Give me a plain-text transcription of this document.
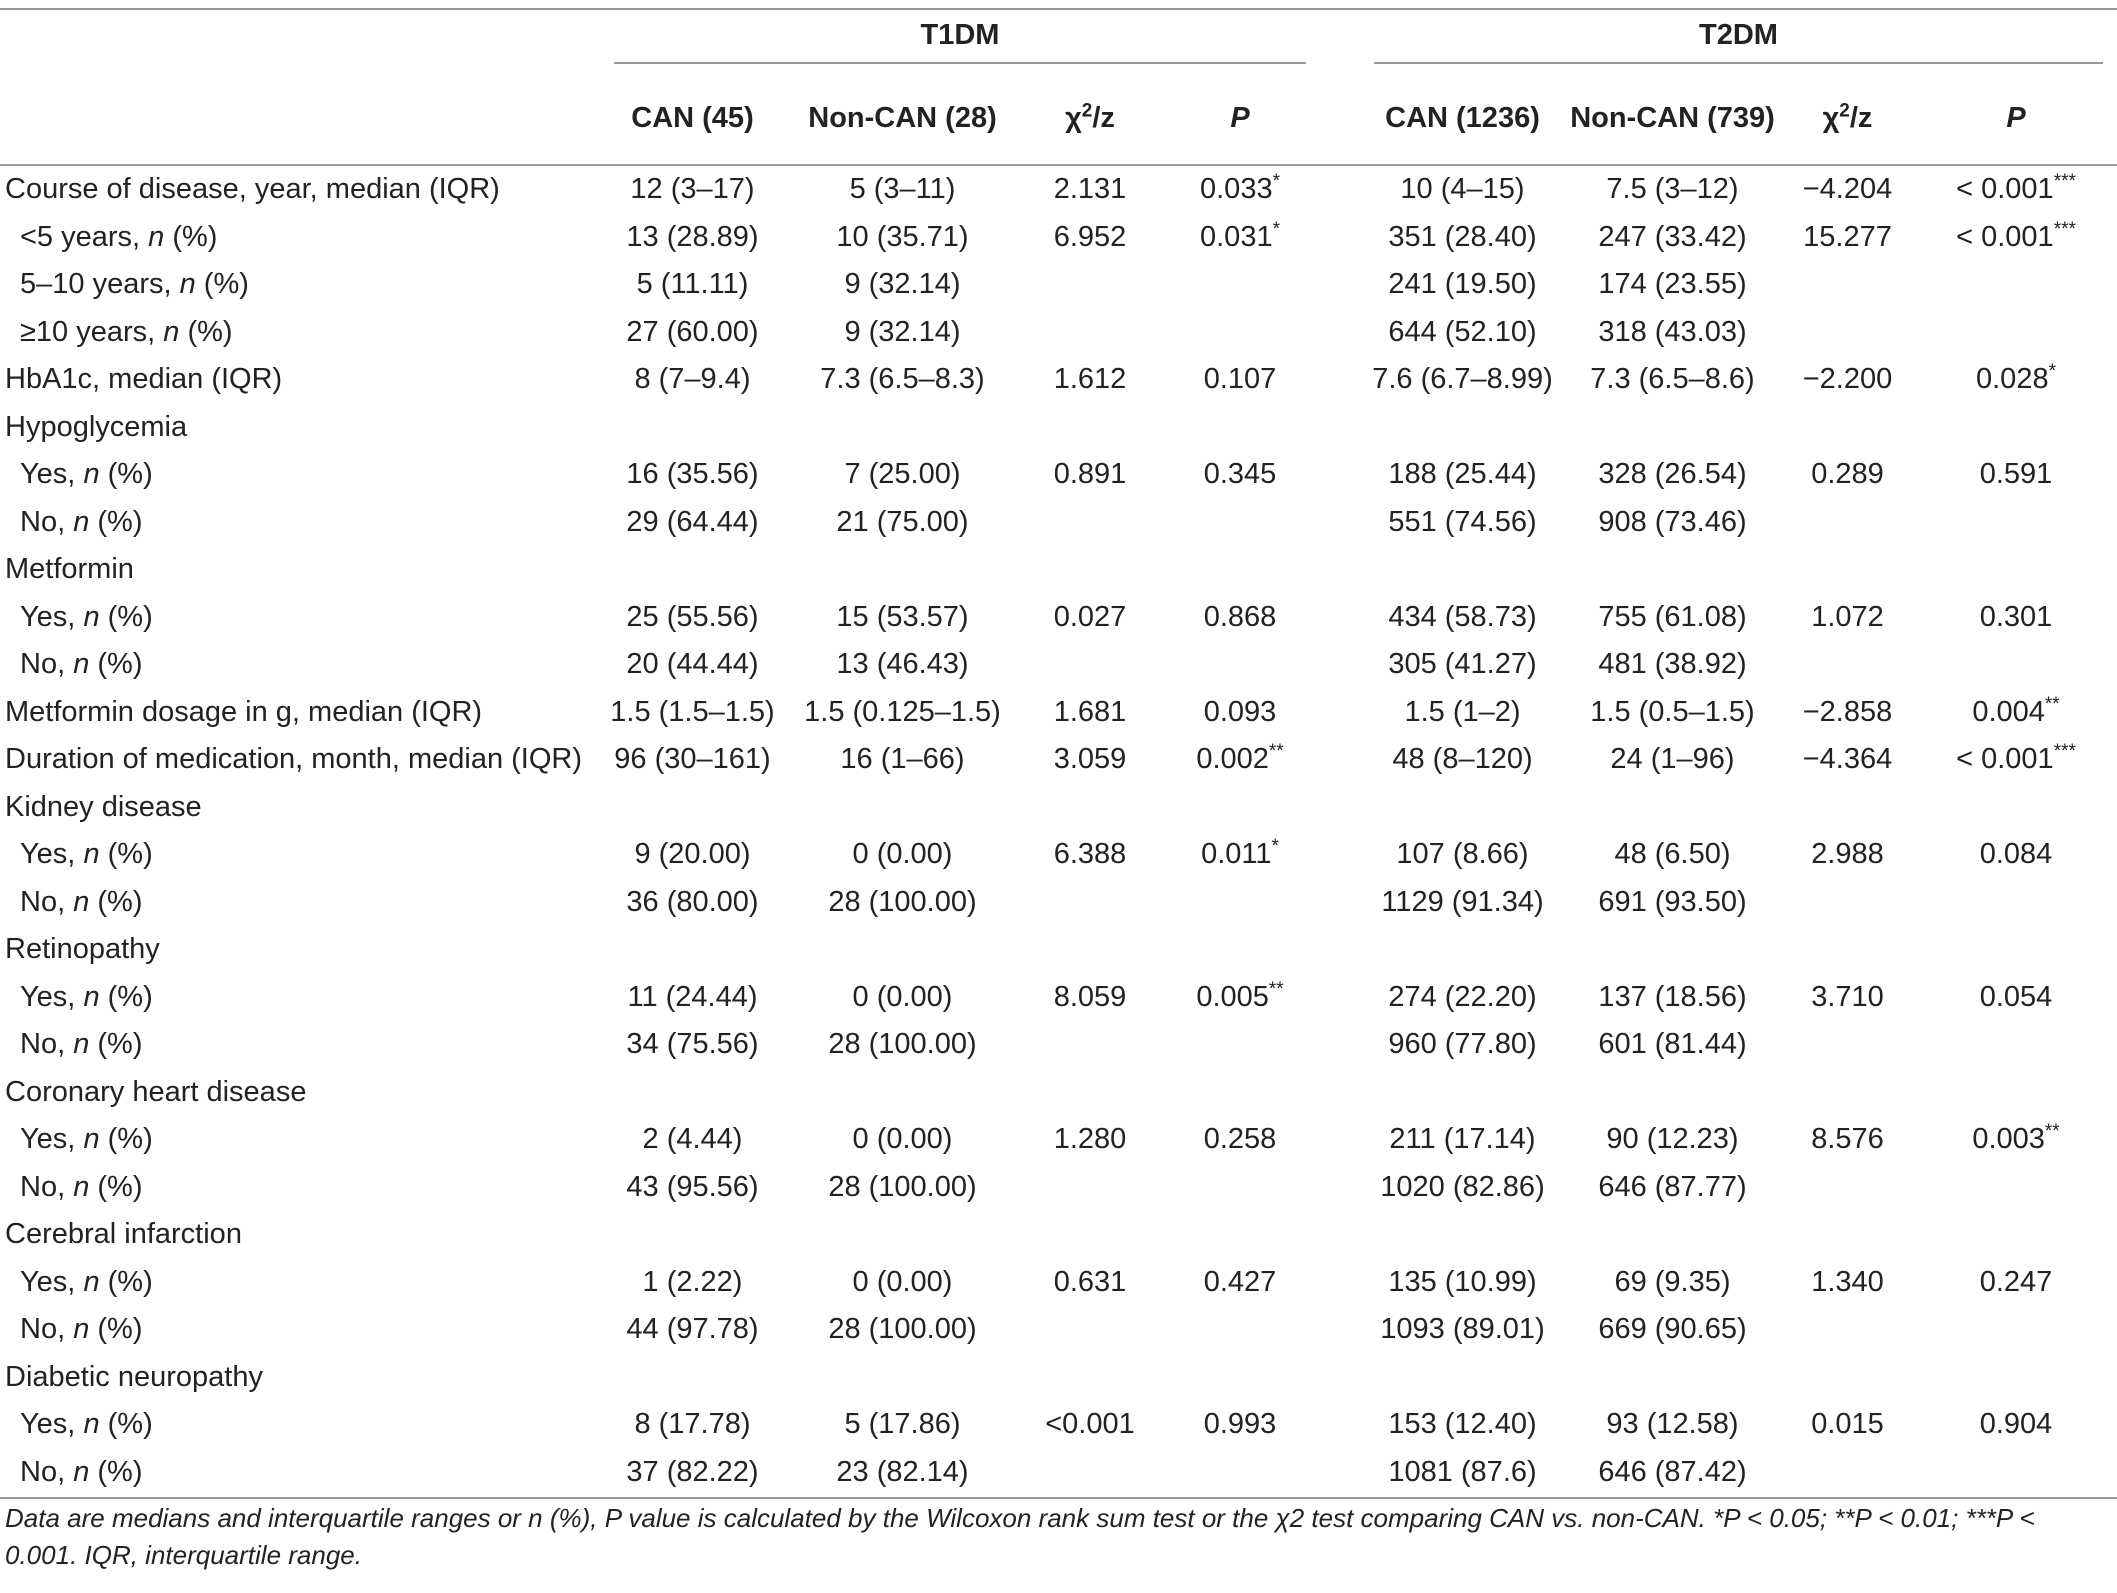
	T1DM					T2DM			

	CAN (45)	Non-CAN (28)	$\chi^2/z$	P		CAN (1236)	Non-CAN (739)	$\chi^2/z$	P
Course of disease, year, median (IQR)	12 (3–17)	5 (3–11)	2.131	0.033*		10 (4–15)	7.5 (3–12)	−4.204	< 0.001***
<5 years, n (%)	13 (28.89)	10 (35.71)	6.952	0.031*		351 (28.40)	247 (33.42)	15.277	< 0.001***
5–10 years, n (%)	5 (11.11)	9 (32.14)				241 (19.50)	174 (23.55)		
≥10 years, n (%)	27 (60.00)	9 (32.14)				644 (52.10)	318 (43.03)		
HbA1c, median (IQR)	8 (7–9.4)	7.3 (6.5–8.3)	1.612	0.107		7.6 (6.7–8.99)	7.3 (6.5–8.6)	−2.200	0.028*
Hypoglycemia									
Yes, n (%)	16 (35.56)	7 (25.00)	0.891	0.345		188 (25.44)	328 (26.54)	0.289	0.591
No, n (%)	29 (64.44)	21 (75.00)				551 (74.56)	908 (73.46)		
Metformin									
Yes, n (%)	25 (55.56)	15 (53.57)	0.027	0.868		434 (58.73)	755 (61.08)	1.072	0.301
No, n (%)	20 (44.44)	13 (46.43)				305 (41.27)	481 (38.92)		
Metformin dosage in g, median (IQR)	1.5 (1.5–1.5)	1.5 (0.125–1.5)	1.681	0.093		1.5 (1–2)	1.5 (0.5–1.5)	−2.858	0.004**
Duration of medication, month, median (IQR)	96 (30–161)	16 (1–66)	3.059	0.002**		48 (8–120)	24 (1–96)	−4.364	< 0.001***
Kidney disease									
Yes, n (%)	9 (20.00)	0 (0.00)	6.388	0.011*		107 (8.66)	48 (6.50)	2.988	0.084
No, n (%)	36 (80.00)	28 (100.00)				1129 (91.34)	691 (93.50)		
Retinopathy									
Yes, n (%)	11 (24.44)	0 (0.00)	8.059	0.005**		274 (22.20)	137 (18.56)	3.710	0.054
No, n (%)	34 (75.56)	28 (100.00)				960 (77.80)	601 (81.44)		
Coronary heart disease									
Yes, n (%)	2 (4.44)	0 (0.00)	1.280	0.258		211 (17.14)	90 (12.23)	8.576	0.003**
No, n (%)	43 (95.56)	28 (100.00)				1020 (82.86)	646 (87.77)		
Cerebral infarction									
Yes, n (%)	1 (2.22)	0 (0.00)	0.631	0.427		135 (10.99)	69 (9.35)	1.340	0.247
No, n (%)	44 (97.78)	28 (100.00)				1093 (89.01)	669 (90.65)		
Diabetic neuropathy									
Yes, n (%)	8 (17.78)	5 (17.86)	<0.001	0.993		153 (12.40)	93 (12.58)	0.015	0.904
No, n (%)	37 (82.22)	23 (82.14)				1081 (87.6)	646 (87.42)		
Data are medians and interquartile ranges or n (%), P value is calculated by the Wilcoxon rank sum test or the χ2 test comparing CAN vs. non-CAN. *P < 0.05; **P < 0.01; ***P < 0.001. IQR, interquartile range.
